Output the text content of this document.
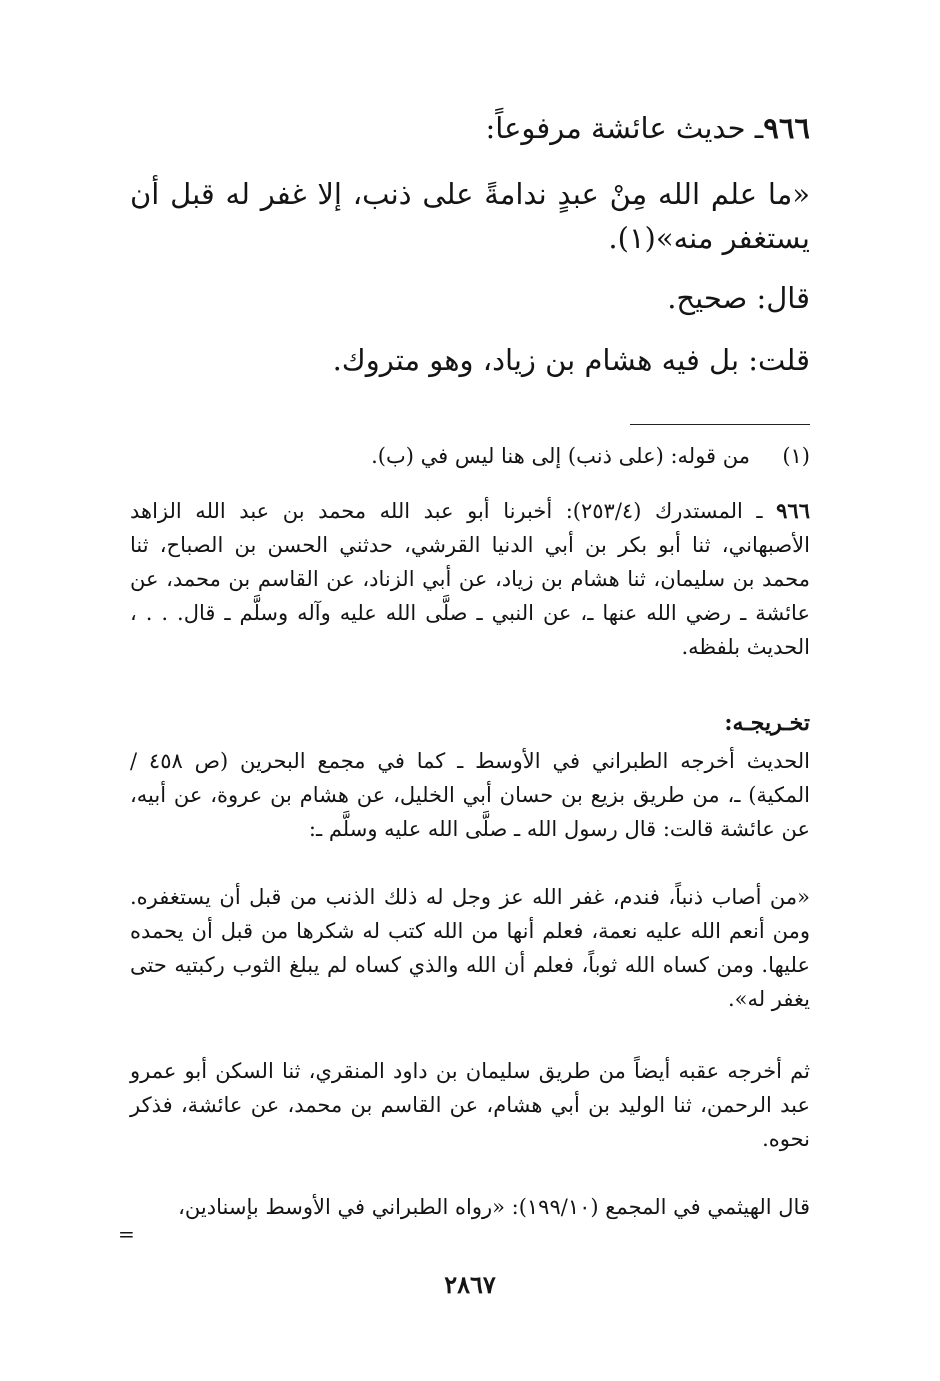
٩٦٦ـ حديث عائشة مرفوعاً:
«ما علم الله مِنْ عبدٍ ندامةً على ذنب، إلا غفر له قبل أن يستغفر منه»(١).
قال: صحيح.
قلت: بل فيه هشام بن زياد، وهو متروك.
(١)من قوله: (على ذنب) إلى هنا ليس في (ب).
٩٦٦ ـ المستدرك (٢٥٣/٤): أخبرنا أبو عبد الله محمد بن عبد الله الزاهد الأصبهاني، ثنا أبو بكر بن أبي الدنيا القرشي، حدثني الحسن بن الصباح، ثنا محمد بن سليمان، ثنا هشام بن زياد، عن أبي الزناد، عن القاسم بن محمد، عن عائشة ـ رضي الله عنها ـ، عن النبي ـ صلَّى الله عليه وآله وسلَّم ـ قال. . . ، الحديث بلفظه.
تخـريجـه:
الحديث أخرجه الطبراني في الأوسط ـ كما في مجمع البحرين (ص ٤٥٨ / المكية) ـ، من طريق بزيع بن حسان أبي الخليل، عن هشام بن عروة، عن أبيه، عن عائشة قالت: قال رسول الله ـ صلَّى الله عليه وسلَّم ـ:
«من أصاب ذنباً، فندم، غفر الله عز وجل له ذلك الذنب من قبل أن يستغفره. ومن أنعم الله عليه نعمة، فعلم أنها من الله كتب له شكرها من قبل أن يحمده عليها. ومن كساه الله ثوباً، فعلم أن الله والذي كساه لم يبلغ الثوب ركبتيه حتى يغفر له».
ثم أخرجه عقبه أيضاً من طريق سليمان بن داود المنقري، ثنا السكن أبو عمرو عبد الرحمن، ثنا الوليد بن أبي هشام، عن القاسم بن محمد، عن عائشة، فذكر نحوه.
قال الهيثمي في المجمع (١٩٩/١٠): «رواه الطبراني في الأوسط بإسنادين،
=
٢٨٦٧
